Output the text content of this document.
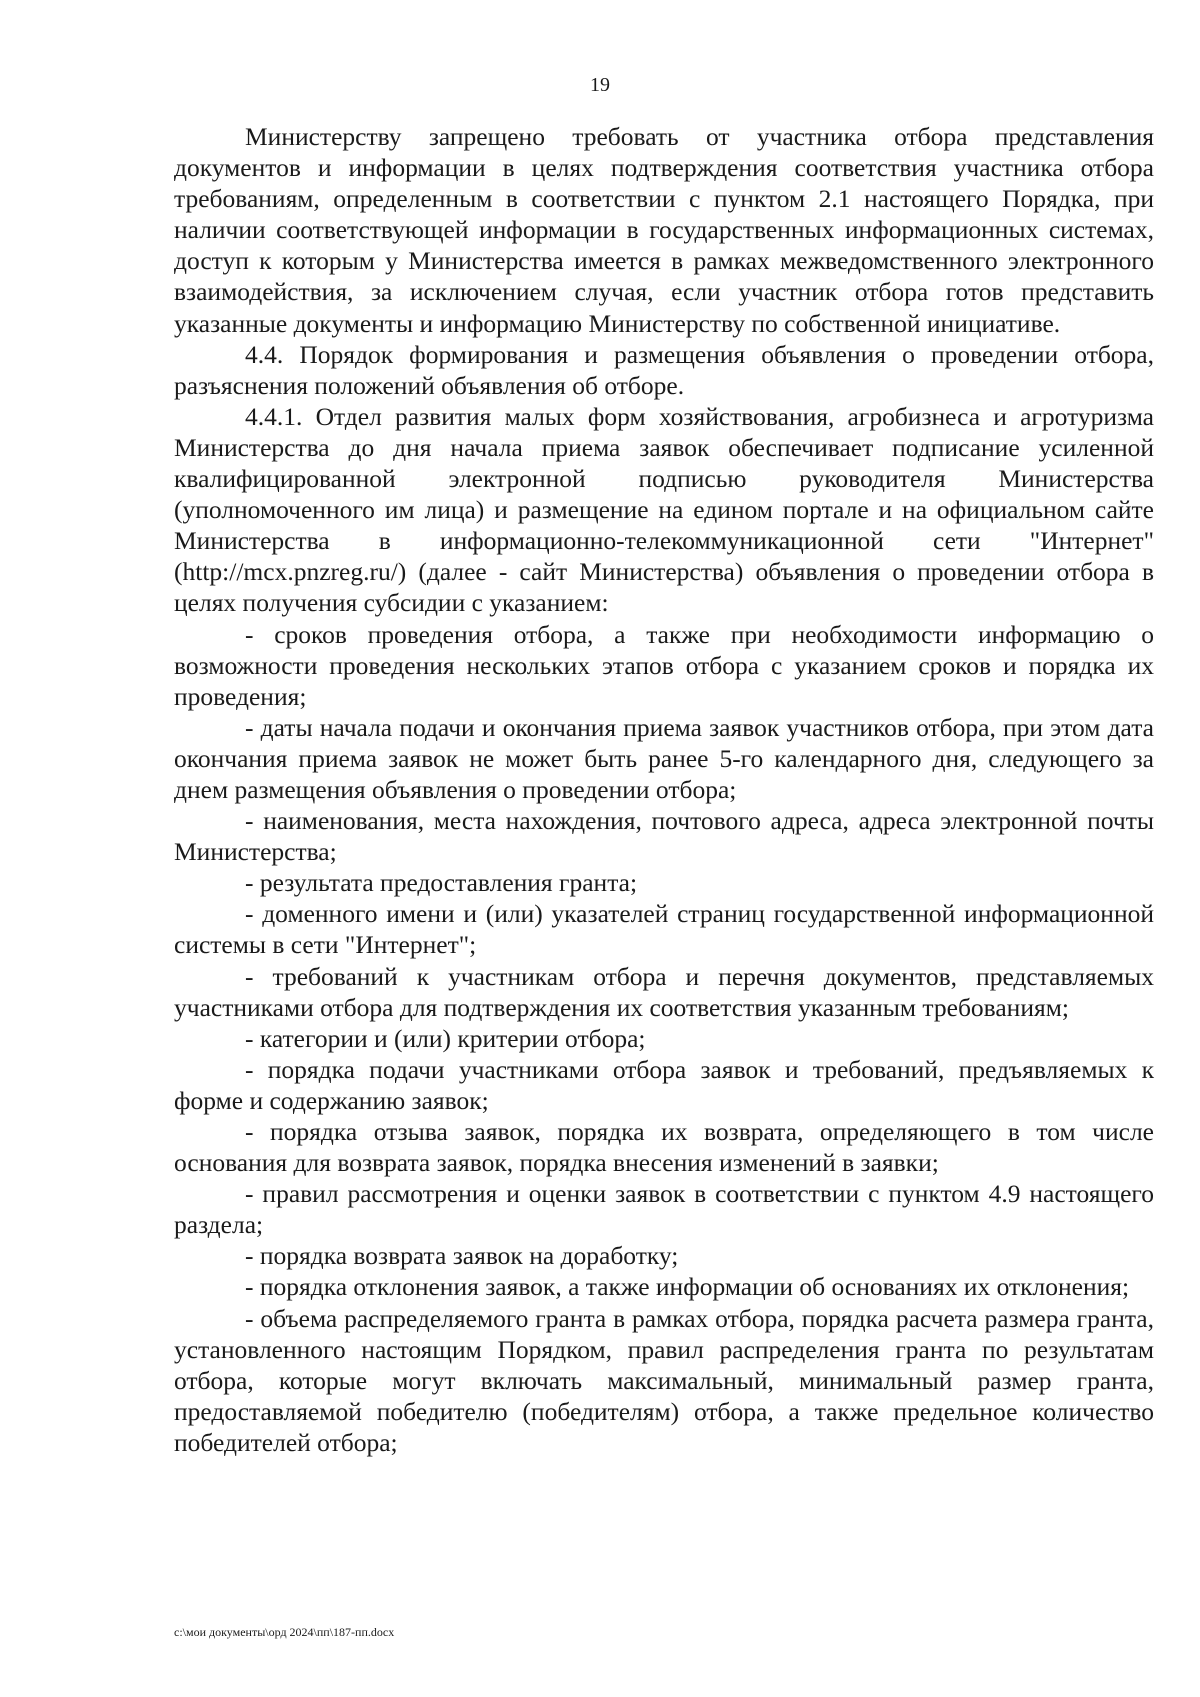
19

Министерству запрещено требовать от участника отбора представления документов и информации в целях подтверждения соответствия участника отбора требованиям, определенным в соответствии с пунктом 2.1 настоящего Порядка, при наличии соответствующей информации в государственных информационных системах, доступ к которым у Министерства имеется в рамках межведомственного электронного взаимодействия, за исключением случая, если участник отбора готов представить указанные документы и информацию Министерству по собственной инициативе.

4.4. Порядок формирования и размещения объявления о проведении отбора, разъяснения положений объявления об отборе.

4.4.1. Отдел развития малых форм хозяйствования, агробизнеса и агротуризма Министерства до дня начала приема заявок обеспечивает подписание усиленной квалифицированной электронной подписью руководителя Министерства (уполномоченного им лица) и размещение на едином портале и на официальном сайте Министерства в информационно-телекоммуникационной сети "Интернет" (http://mcx.pnzreg.ru/) (далее - сайт Министерства) объявления о проведении отбора в целях получения субсидии с указанием:

- сроков проведения отбора, а также при необходимости информацию о возможности проведения нескольких этапов отбора с указанием сроков и порядка их проведения;

- даты начала подачи и окончания приема заявок участников отбора, при этом дата окончания приема заявок не может быть ранее 5-го календарного дня, следующего за днем размещения объявления о проведении отбора;

- наименования, места нахождения, почтового адреса, адреса электронной почты Министерства;

- результата предоставления гранта;

- доменного имени и (или) указателей страниц государственной информационной системы в сети "Интернет";

- требований к участникам отбора и перечня документов, представляемых участниками отбора для подтверждения их соответствия указанным требованиям;

- категории и (или) критерии отбора;

- порядка подачи участниками отбора заявок и требований, предъявляемых к форме и содержанию заявок;

- порядка отзыва заявок, порядка их возврата, определяющего в том числе основания для возврата заявок, порядка внесения изменений в заявки;

- правил рассмотрения и оценки заявок в соответствии с пунктом 4.9 настоящего раздела;

- порядка возврата заявок на доработку;

- порядка отклонения заявок, а также информации об основаниях их отклонения;

- объема распределяемого гранта в рамках отбора, порядка расчета размера гранта, установленного настоящим Порядком, правил распределения гранта по результатам отбора, которые могут включать максимальный, минимальный размер гранта, предоставляемой победителю (победителям) отбора, а также предельное количество победителей отбора;

c:\мои документы\орд 2024\пп\187-пп.docx
